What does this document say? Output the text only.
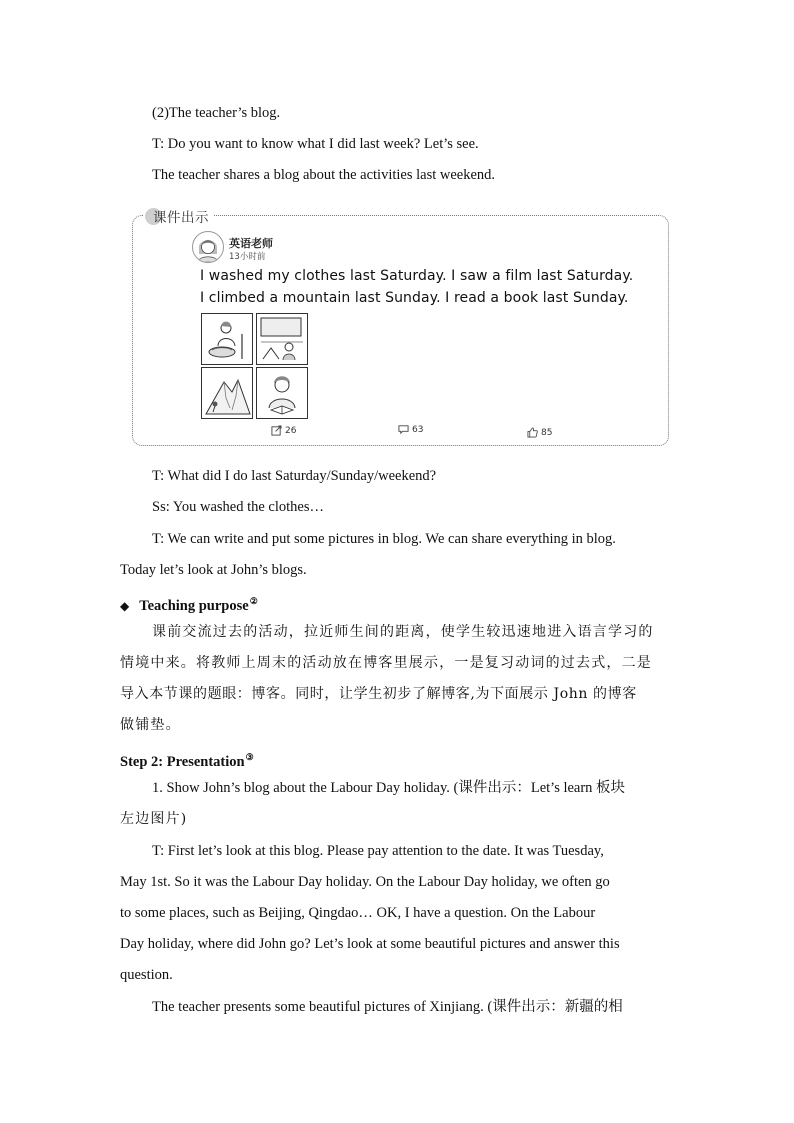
(2)The teacher’s blog.
T: Do you want to know what I did last week? Let’s see.
The teacher shares a blog about the activities last weekend.
课件出示
英语老师
13小时前
I washed my clothes last Saturday. I saw a film last Saturday.
I climbed a mountain last Sunday. I read a book last Sunday.
26	63	85
T: What did I do last Saturday/Sunday/weekend?
Ss: You washed the clothes…
T: We can write and put some pictures in blog. We can share everything in blog.
Today let’s look at John’s blogs.
◆ Teaching purpose②
课前交流过去的活动，拉近师生间的距离，使学生较迅速地进入语言学习的
情境中来。将教师上周末的活动放在博客里展示，一是复习动词的过去式，二是
导入本节课的题眼：博客。同时，让学生初步了解博客,为下面展示 John 的博客
做铺垫。
Step 2: Presentation③
1. Show John’s blog about the Labour Day holiday. (课件出示：Let’s learn 板块
左边图片)
T: First let’s look at this blog. Please pay attention to the date. It was Tuesday,
May 1st. So it was the Labour Day holiday. On the Labour Day holiday, we often go
to some places, such as Beijing, Qingdao… OK, I have a question. On the Labour
Day holiday, where did John go? Let’s look at some beautiful pictures and answer this
question.
The teacher presents some beautiful pictures of Xinjiang. (课件出示：新疆的相
